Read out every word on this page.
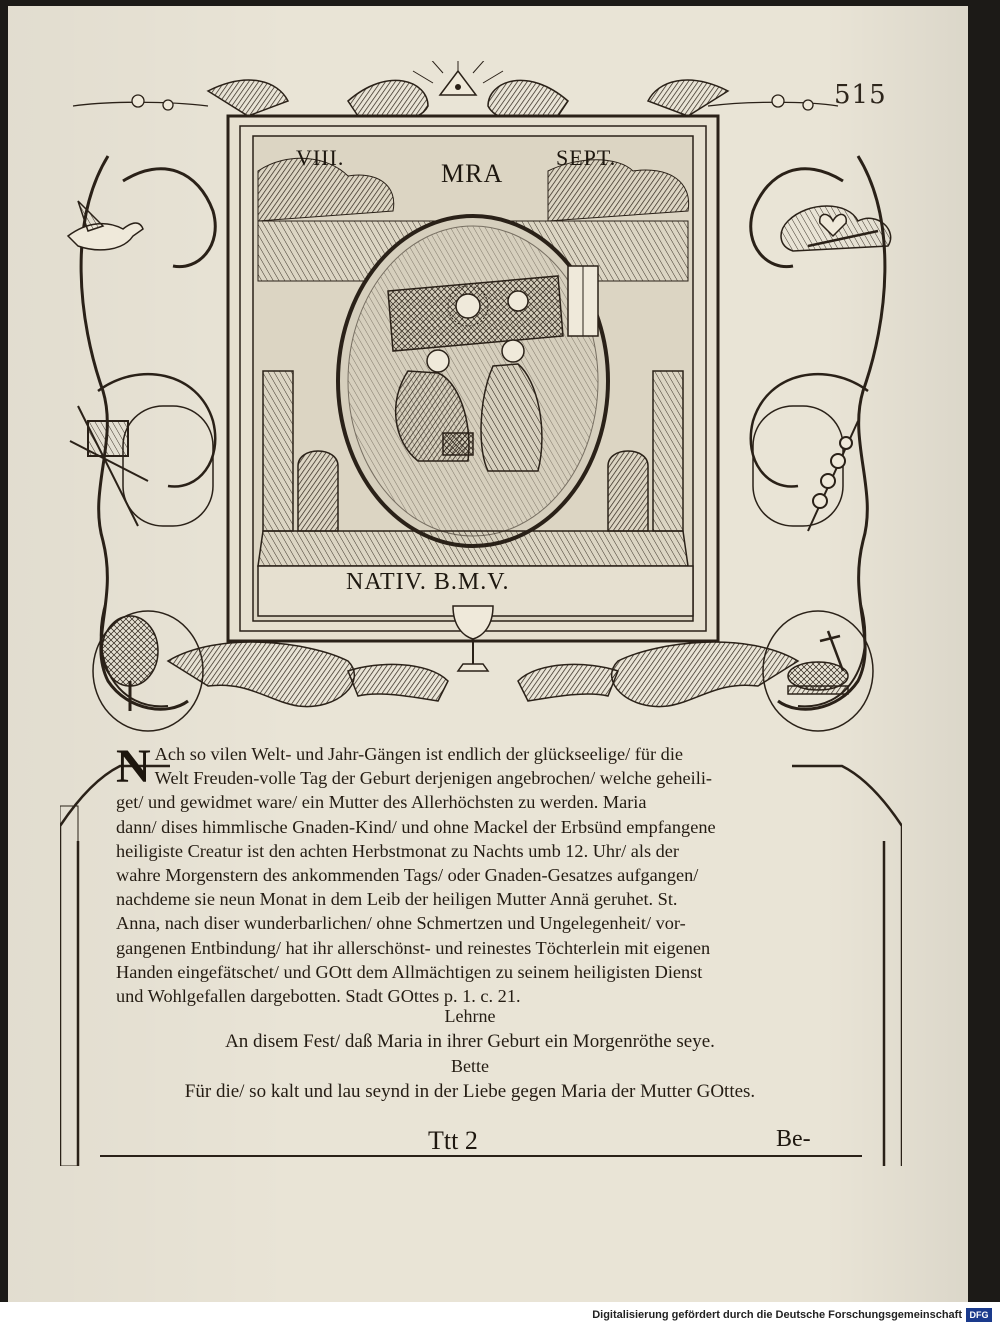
515
VIII.
MRA
SEPT.
NATIV. B.M.V.
N Ach so vilen Welt- und Jahr-Gängen ist endlich der glückseelige/ für die
Welt Freuden-volle Tag der Geburt derjenigen angebrochen/ welche geheili-
get/ und gewidmet ware/ ein Mutter des Allerhöchsten zu werden. Maria
dann/ dises himmlische Gnaden-Kind/ und ohne Mackel der Erbsünd empfangene
heiligiste Creatur ist den achten Herbstmonat zu Nachts umb 12. Uhr/ als der
wahre Morgenstern des ankommenden Tags/ oder Gnaden-Gesatzes aufgangen/
nachdeme sie neun Monat in dem Leib der heiligen Mutter Annä geruhet. St.
Anna, nach diser wunderbarlichen/ ohne Schmertzen und Ungelegenheit/ vor-
gangenen Entbindung/ hat ihr allerschönst- und reinestes Töchterlein mit eigenen
Handen eingefätschet/ und GOtt dem Allmächtigen zu seinem heiligisten Dienst
und Wohlgefallen dargebotten. Stadt GOttes p. 1. c. 21.
Lehrne
An disem Fest/ daß Maria in ihrer Geburt ein Morgenröthe seye.
Bette
Für die/ so kalt und lau seynd in der Liebe gegen Maria der Mutter GOttes.
Ttt 2	Be-
Digitalisierung gefördert durch die Deutsche Forschungsgemeinschaft DFG
